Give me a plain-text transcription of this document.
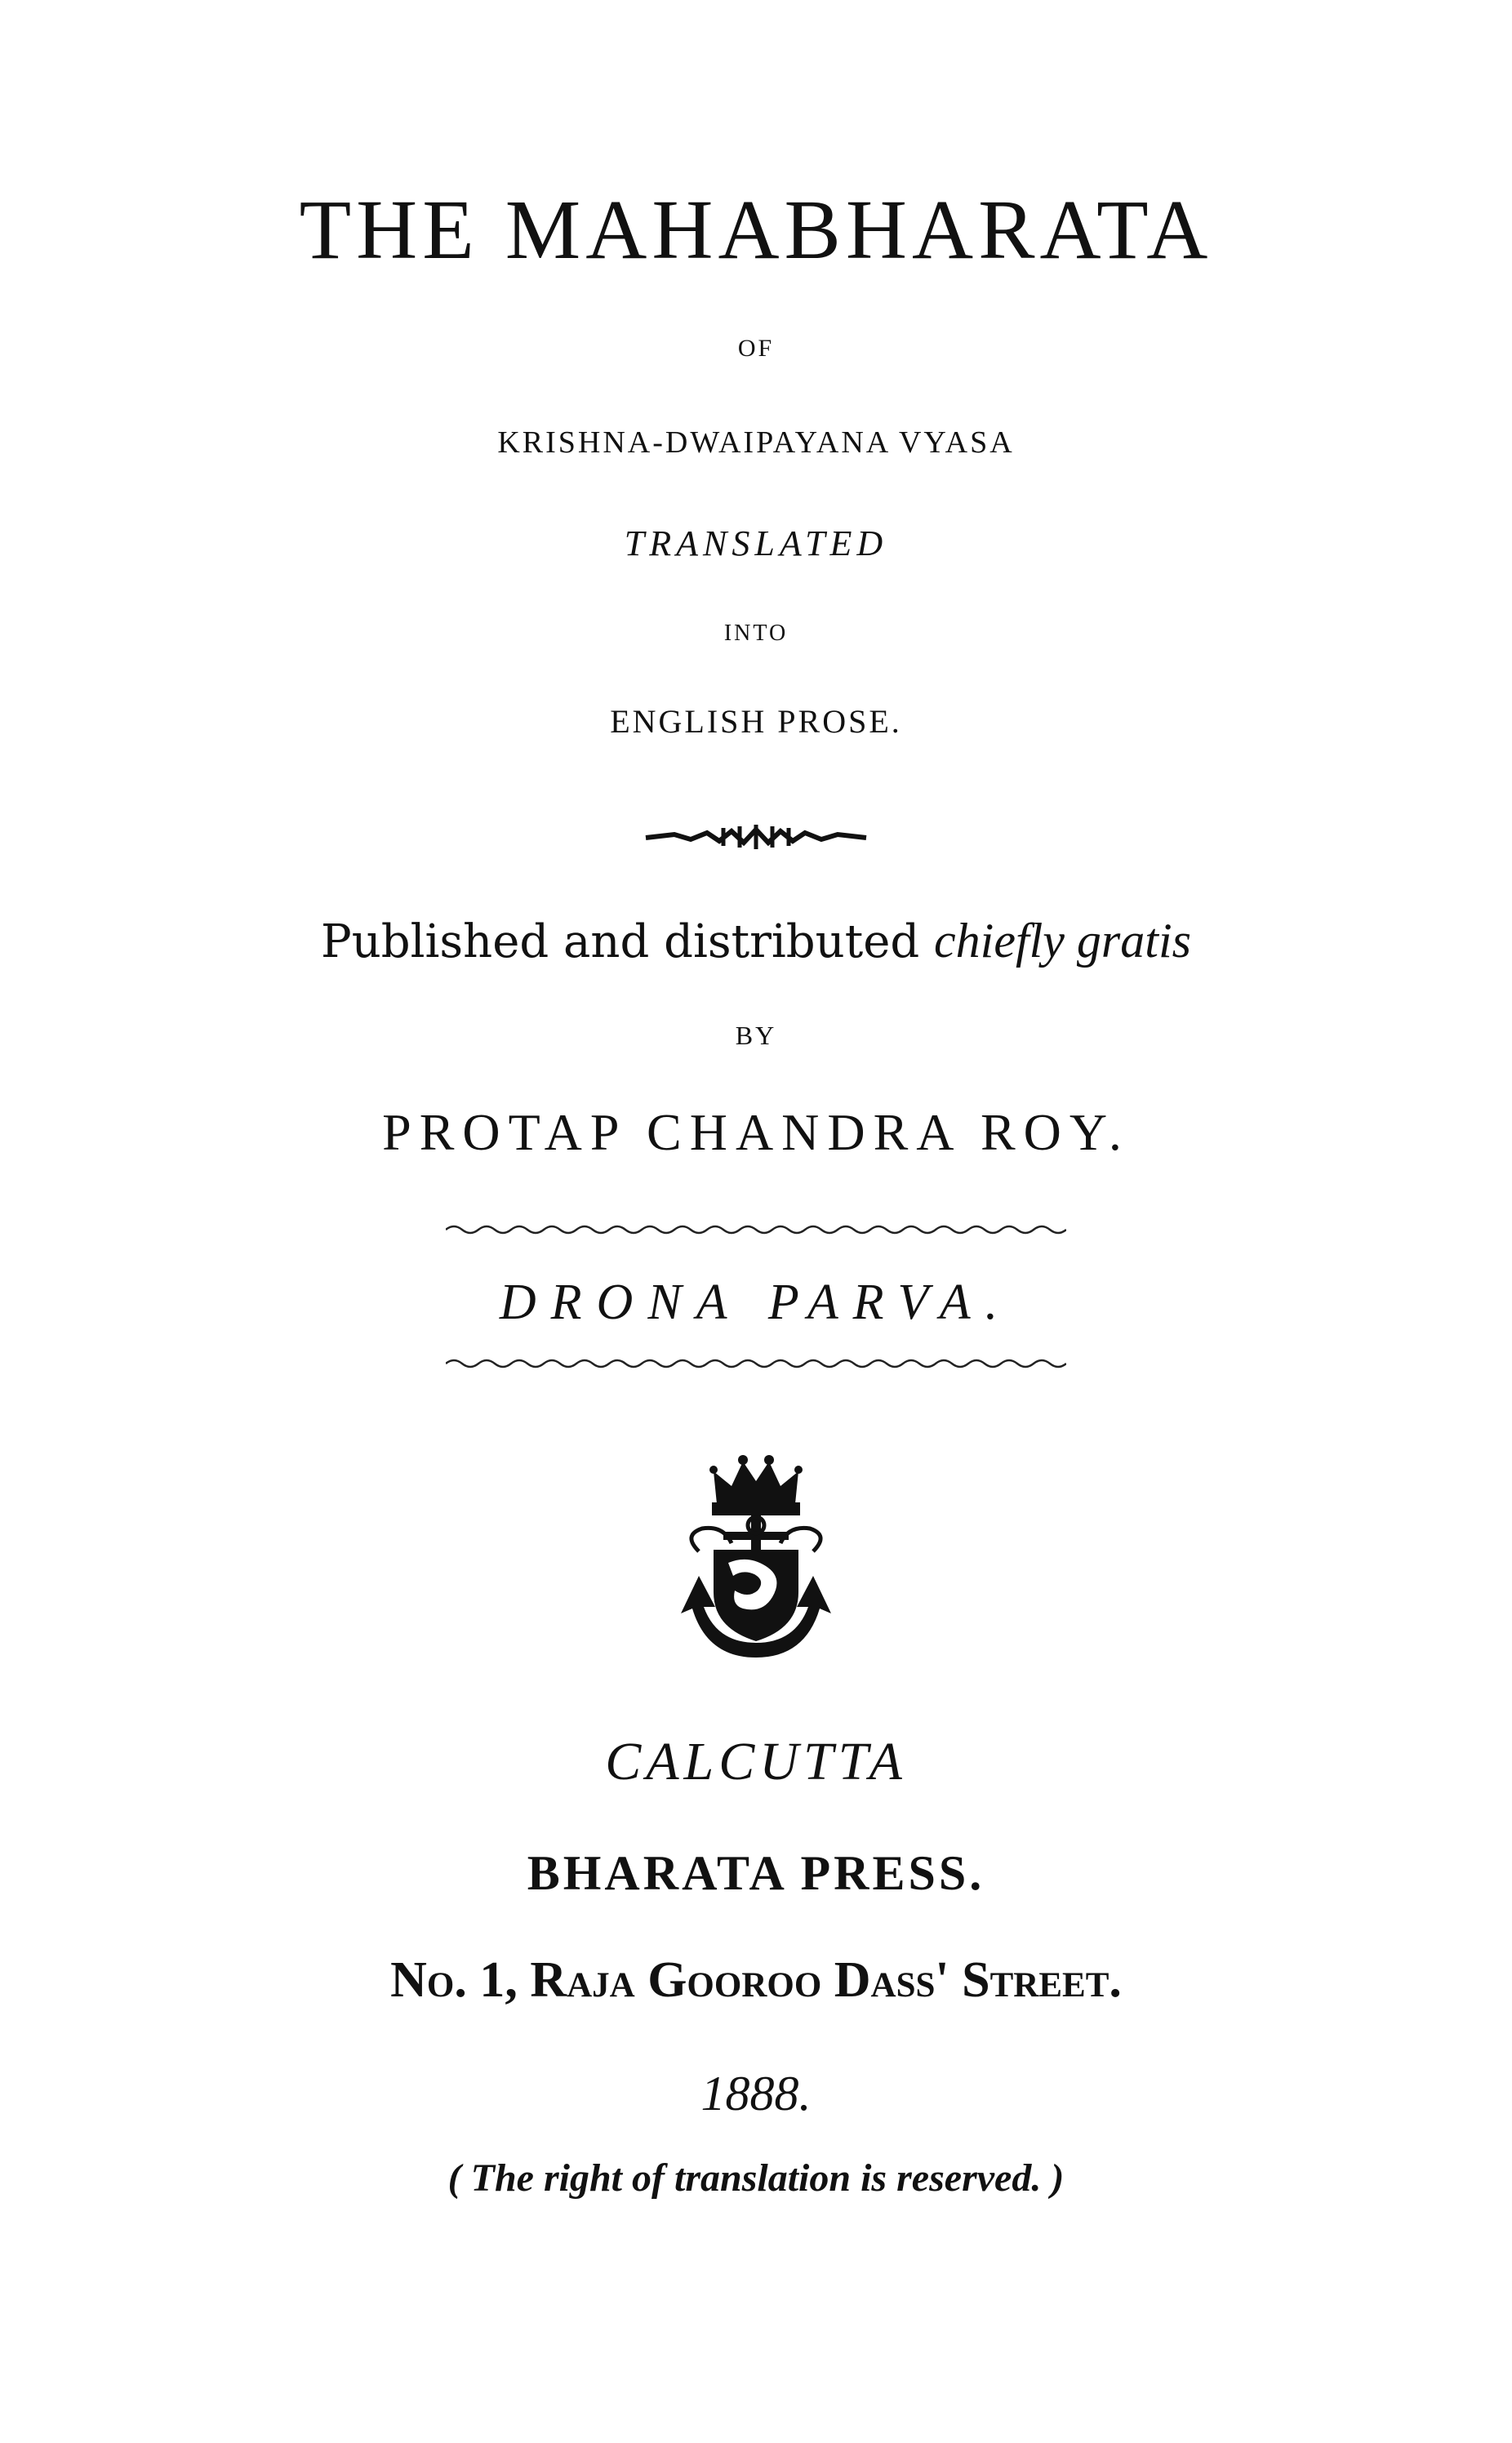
THE MAHABHARATA
OF
KRISHNA-DWAIPAYANA VYASA
TRANSLATED
INTO
ENGLISH PROSE.
Published and distributed chiefly gratis
BY
PROTAP CHANDRA ROY.
DRONA PARVA.
CALCUTTA
BHARATA PRESS.
No. 1, Raja Gooroo Dass' Street.
1888.
( The right of translation is reserved. )
